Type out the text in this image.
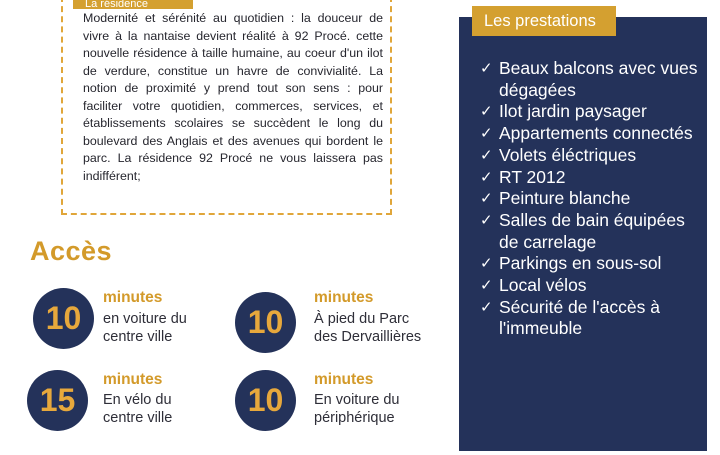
La résidence

Modernité et sérénité au quotidien : la douceur de vivre à la nantaise devient réalité à 92 Procé. cette nouvelle résidence à taille humaine, au coeur d'un ilot de verdure, constitue un havre de convivialité. La notion de proximité y prend tout son sens : pour faciliter votre quotidien, commerces, services, et établissements scolaires se succèdent le long du boulevard des Anglais et des avenues qui bordent le parc. La résidence 92 Procé ne vous laissera pas indifférent;

Accès
10
minutes
en voiture du centre ville	10
minutes
À pied du Parc des Dervaillières
15
minutes
En vélo du centre ville	10
minutes
En voiture du périphérique
Les prestations
✓ Beaux balcons avec vues dégagées
✓ Ilot jardin paysager
✓ Appartements connectés
✓ Volets éléctriques
✓ RT 2012
✓ Peinture blanche
✓ Salles de bain équipées de carrelage
✓ Parkings en sous-sol
✓ Local vélos
✓ Sécurité de l'accès à l'immeuble
